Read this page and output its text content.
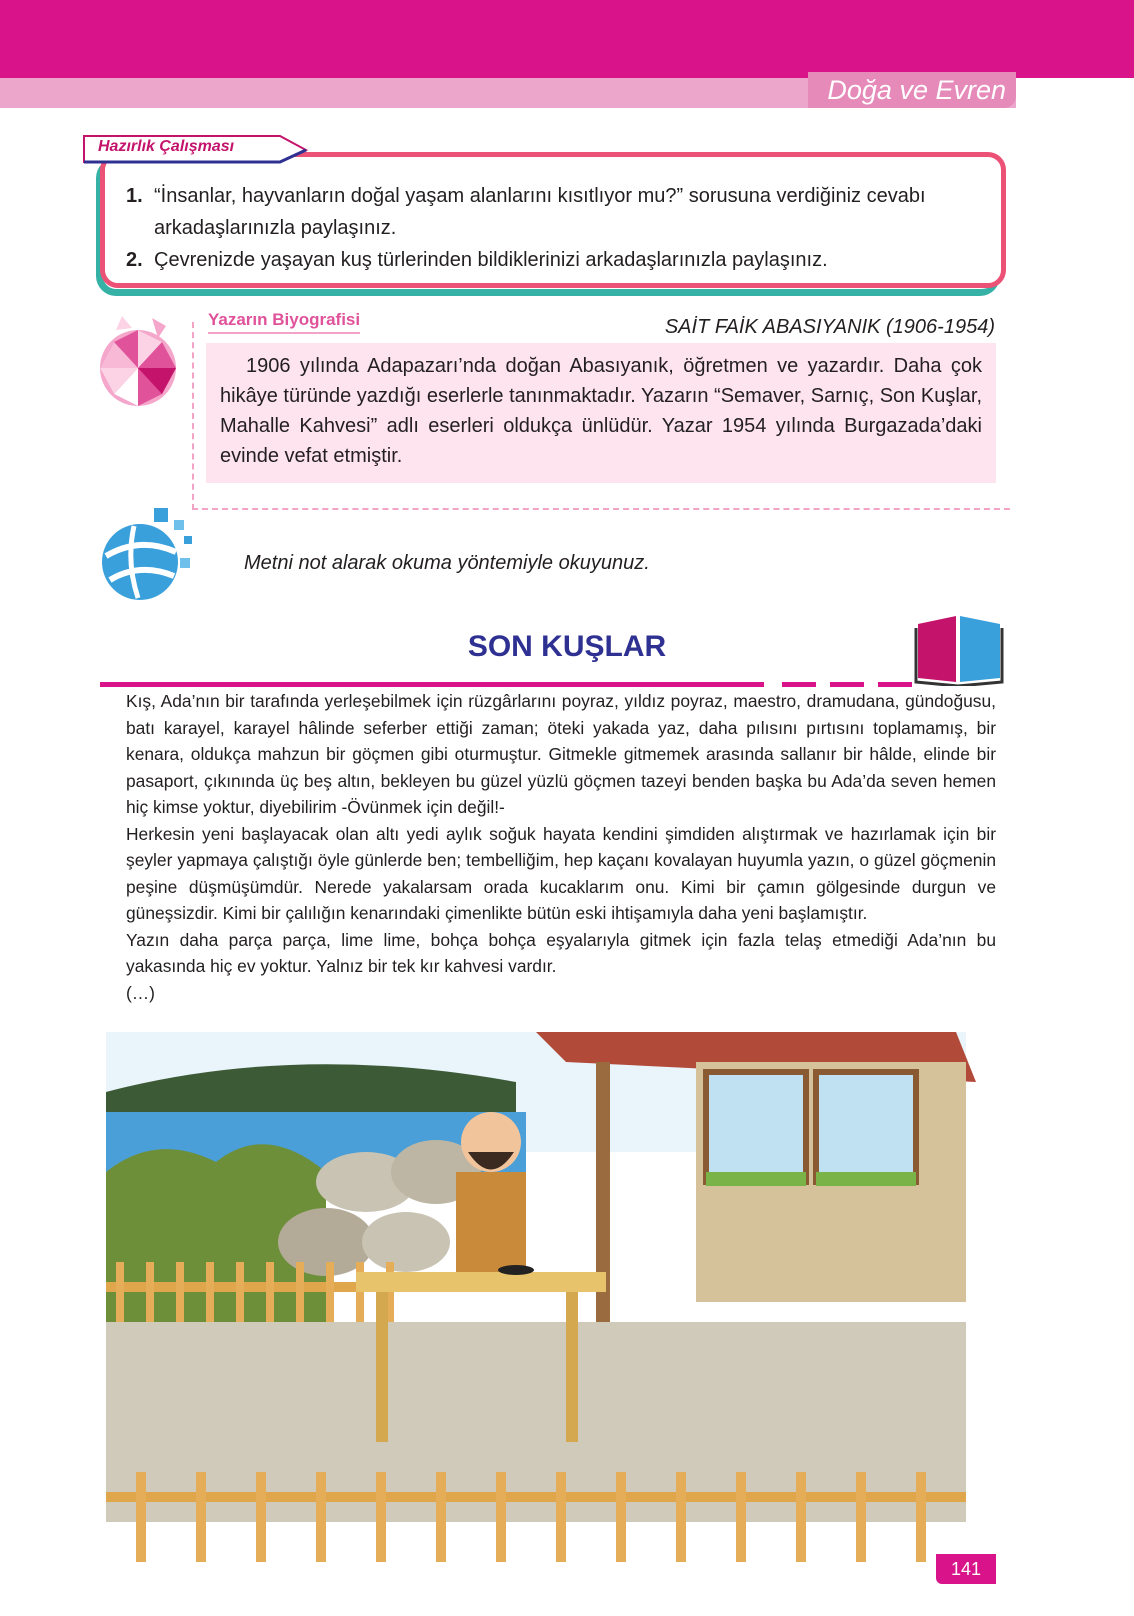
Doğa ve Evren
Hazırlık Çalışması
1. “İnsanlar, hayvanların doğal yaşam alanlarını kısıtlıyor mu?” sorusuna verdiğiniz cevabı arkadaşlarınızla paylaşınız.
2. Çevrenizde yaşayan kuş türlerinden bildiklerinizi arkadaşlarınızla paylaşınız.
Yazarın Biyografisi	SAİT FAİK ABASIYANIK (1906-1954)
1906 yılında Adapazarı’nda doğan Abasıyanık, öğretmen ve yazardır. Daha çok hikâye türünde yazdığı eserlerle tanınmaktadır. Yazarın “Semaver, Sarnıç, Son Kuşlar, Mahalle Kahvesi” adlı eserleri oldukça ünlüdür. Yazar 1954 yılında Burgazada’daki evinde vefat etmiştir.
Metni not alarak okuma yöntemiyle okuyunuz.
SON KUŞLAR

Kış, Ada’nın bir tarafında yerleşebilmek için rüzgârlarını poyraz, yıldız poyraz, maestro, dramudana, gündoğusu, batı karayel, karayel hâlinde seferber ettiği zaman; öteki yakada yaz, daha pılısını pırtısını toplamamış, bir kenara, oldukça mahzun bir göçmen gibi oturmuştur. Gitmekle gitmemek arasında sallanır bir hâlde, elinde bir pasaport, çıkınında üç beş altın, bekleyen bu güzel yüzlü göçmen tazeyi benden başka bu Ada’da seven hemen hiç kimse yoktur, diyebilirim -Övünmek için değil!-

Herkesin yeni başlayacak olan altı yedi aylık soğuk hayata kendini şimdiden alıştırmak ve hazırlamak için bir şeyler yapmaya çalıştığı öyle günlerde ben; tembelliğim, hep kaçanı kovalayan huyumla yazın, o güzel göçmenin peşine düşmüşümdür. Nerede yakalarsam orada kucaklarım onu. Kimi bir çamın gölgesinde durgun ve güneşsizdir. Kimi bir çalılığın kenarındaki çimenlikte bütün eski ihtişamıyla daha yeni başlamıştır.

Yazın daha parça parça, lime lime, bohça bohça eşyalarıyla gitmek için fazla telaş etmediği Ada’nın bu yakasında hiç ev yoktur. Yalnız bir tek kır kahvesi vardır.

(…)

141
